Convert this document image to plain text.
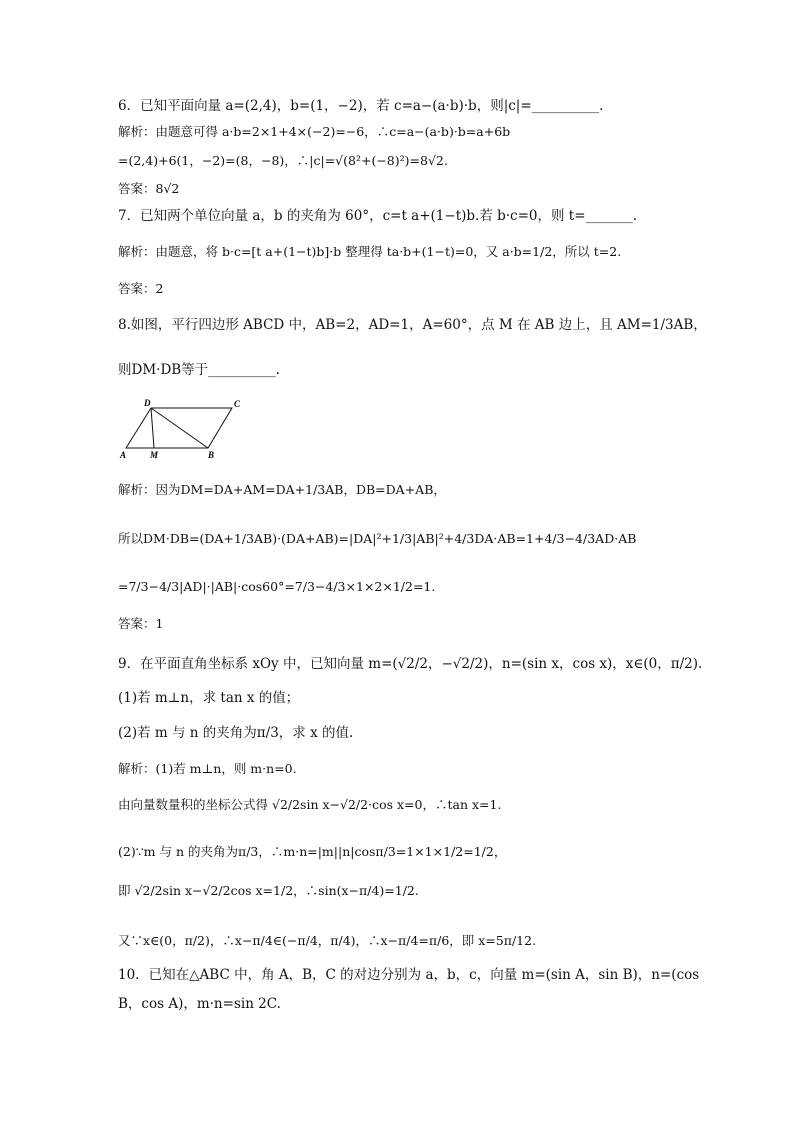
6．已知平面向量 a=(2,4)，b=(1，−2)，若 c=a−(a·b)·b，则|c|=__________.
解析：由题意可得 a·b=2×1+4×(−2)=−6，∴c=a−(a·b)·b=a+6b
=(2,4)+6(1，−2)=(8，−8)，∴|c|=√(8²+(−8)²)=8√2.
答案：8√2
7．已知两个单位向量 a，b 的夹角为 60°，c=t a+(1−t)b.若 b·c=0，则 t=_______.
解析：由题意，将 b·c=[t a+(1−t)b]·b 整理得 ta·b+(1−t)=0，又 a·b=1/2，所以 t=2.
答案：2
8.如图，平行四边形 ABCD 中，AB=2，AD=1，A=60°，点 M 在 AB 边上，且 AM=1/3AB，
则DM·DB等于__________.
A	M	B
C
D
解析：因为DM=DA+AM=DA+1/3AB，DB=DA+AB，
所以DM·DB=(DA+1/3AB)·(DA+AB)=|DA|²+1/3|AB|²+4/3DA·AB=1+4/3−4/3AD·AB
=7/3−4/3|AD|·|AB|·cos60°=7/3−4/3×1×2×1/2=1.
答案：1
9．在平面直角坐标系 xOy 中，已知向量 m=(√2/2，−√2/2)，n=(sin x，cos x)，x∈(0，π/2).
(1)若 m⊥n，求 tan x 的值；
(2)若 m 与 n 的夹角为π/3，求 x 的值.
解析：(1)若 m⊥n，则 m·n=0.
由向量数量积的坐标公式得 √2/2sin x−√2/2·cos x=0，∴tan x=1.
(2)∵m 与 n 的夹角为π/3，∴m·n=|m||n|cosπ/3=1×1×1/2=1/2，
即 √2/2sin x−√2/2cos x=1/2，∴sin(x−π/4)=1/2.
又∵x∈(0，π/2)，∴x−π/4∈(−π/4，π/4)，∴x−π/4=π/6，即 x=5π/12.
10．已知在△ABC 中，角 A，B，C 的对边分别为 a，b，c，向量 m=(sin A，sin B)，n=(cos
B，cos A)，m·n=sin 2C.
